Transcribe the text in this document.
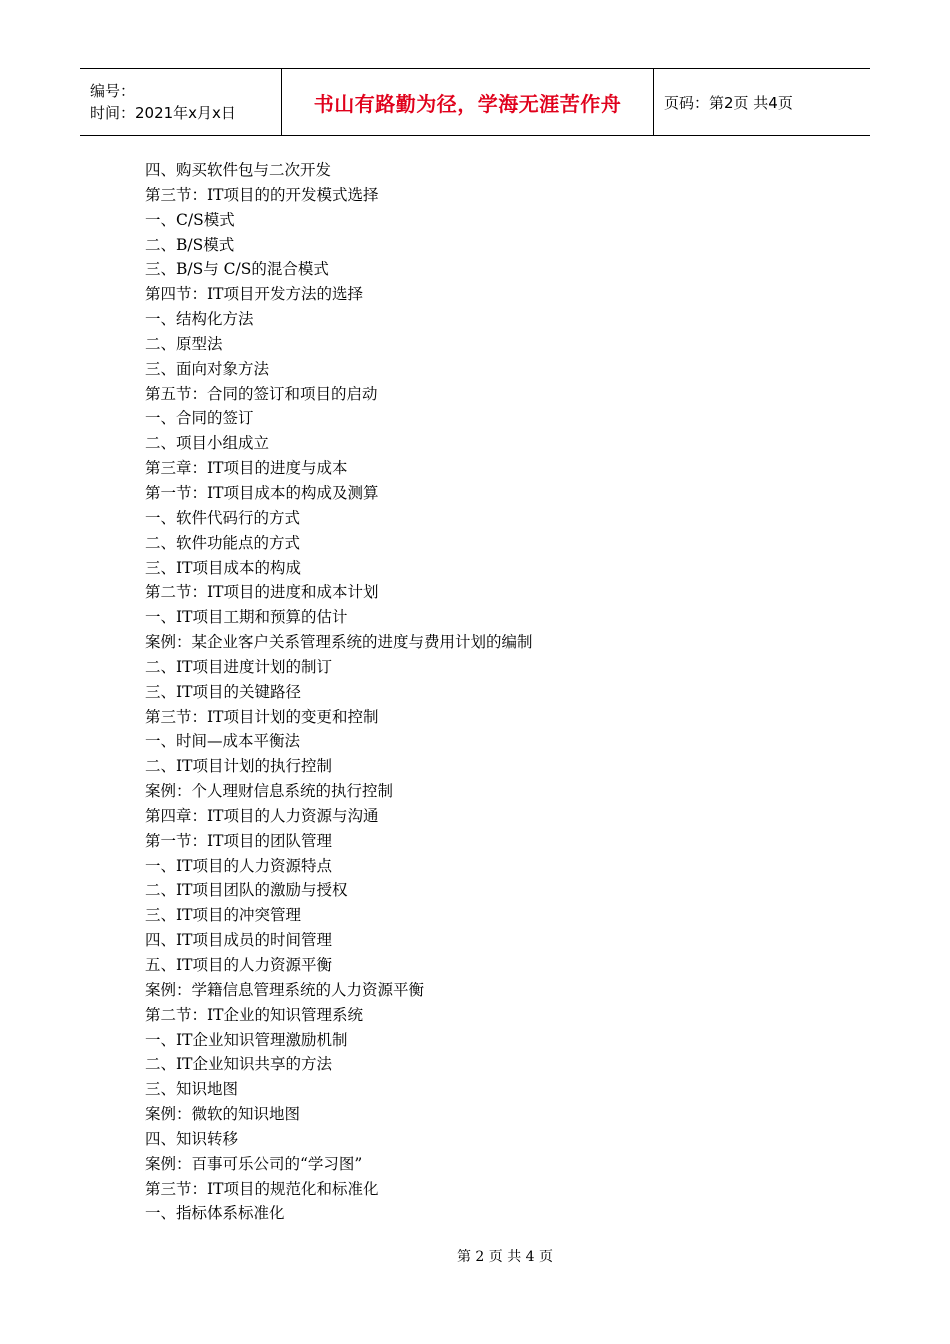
编号：
时间：2021年x月x日	书山有路勤为径，学海无涯苦作舟	页码：第2页 共4页
四、购买软件包与二次开发
第三节：IT项目的的开发模式选择
一、C/S模式
二、B/S模式
三、B/S与 C/S的混合模式
第四节：IT项目开发方法的选择
一、结构化方法
二、原型法
三、面向对象方法
第五节：合同的签订和项目的启动
一、合同的签订
二、项目小组成立
第三章：IT项目的进度与成本
第一节：IT项目成本的构成及测算
一、软件代码行的方式
二、软件功能点的方式
三、IT项目成本的构成
第二节：IT项目的进度和成本计划
一、IT项目工期和预算的估计
案例：某企业客户关系管理系统的进度与费用计划的编制
二、IT项目进度计划的制订
三、IT项目的关键路径
第三节：IT项目计划的变更和控制
一、时间—成本平衡法
二、IT项目计划的执行控制
案例：个人理财信息系统的执行控制
第四章：IT项目的人力资源与沟通
第一节：IT项目的团队管理
一、IT项目的人力资源特点
二、IT项目团队的激励与授权
三、IT项目的冲突管理
四、IT项目成员的时间管理
五、IT项目的人力资源平衡
案例：学籍信息管理系统的人力资源平衡
第二节：IT企业的知识管理系统
一、IT企业知识管理激励机制
二、IT企业知识共享的方法
三、知识地图
案例：微软的知识地图
四、知识转移
案例：百事可乐公司的“学习图”
第三节：IT项目的规范化和标准化
一、指标体系标准化
第 2 页 共 4 页
